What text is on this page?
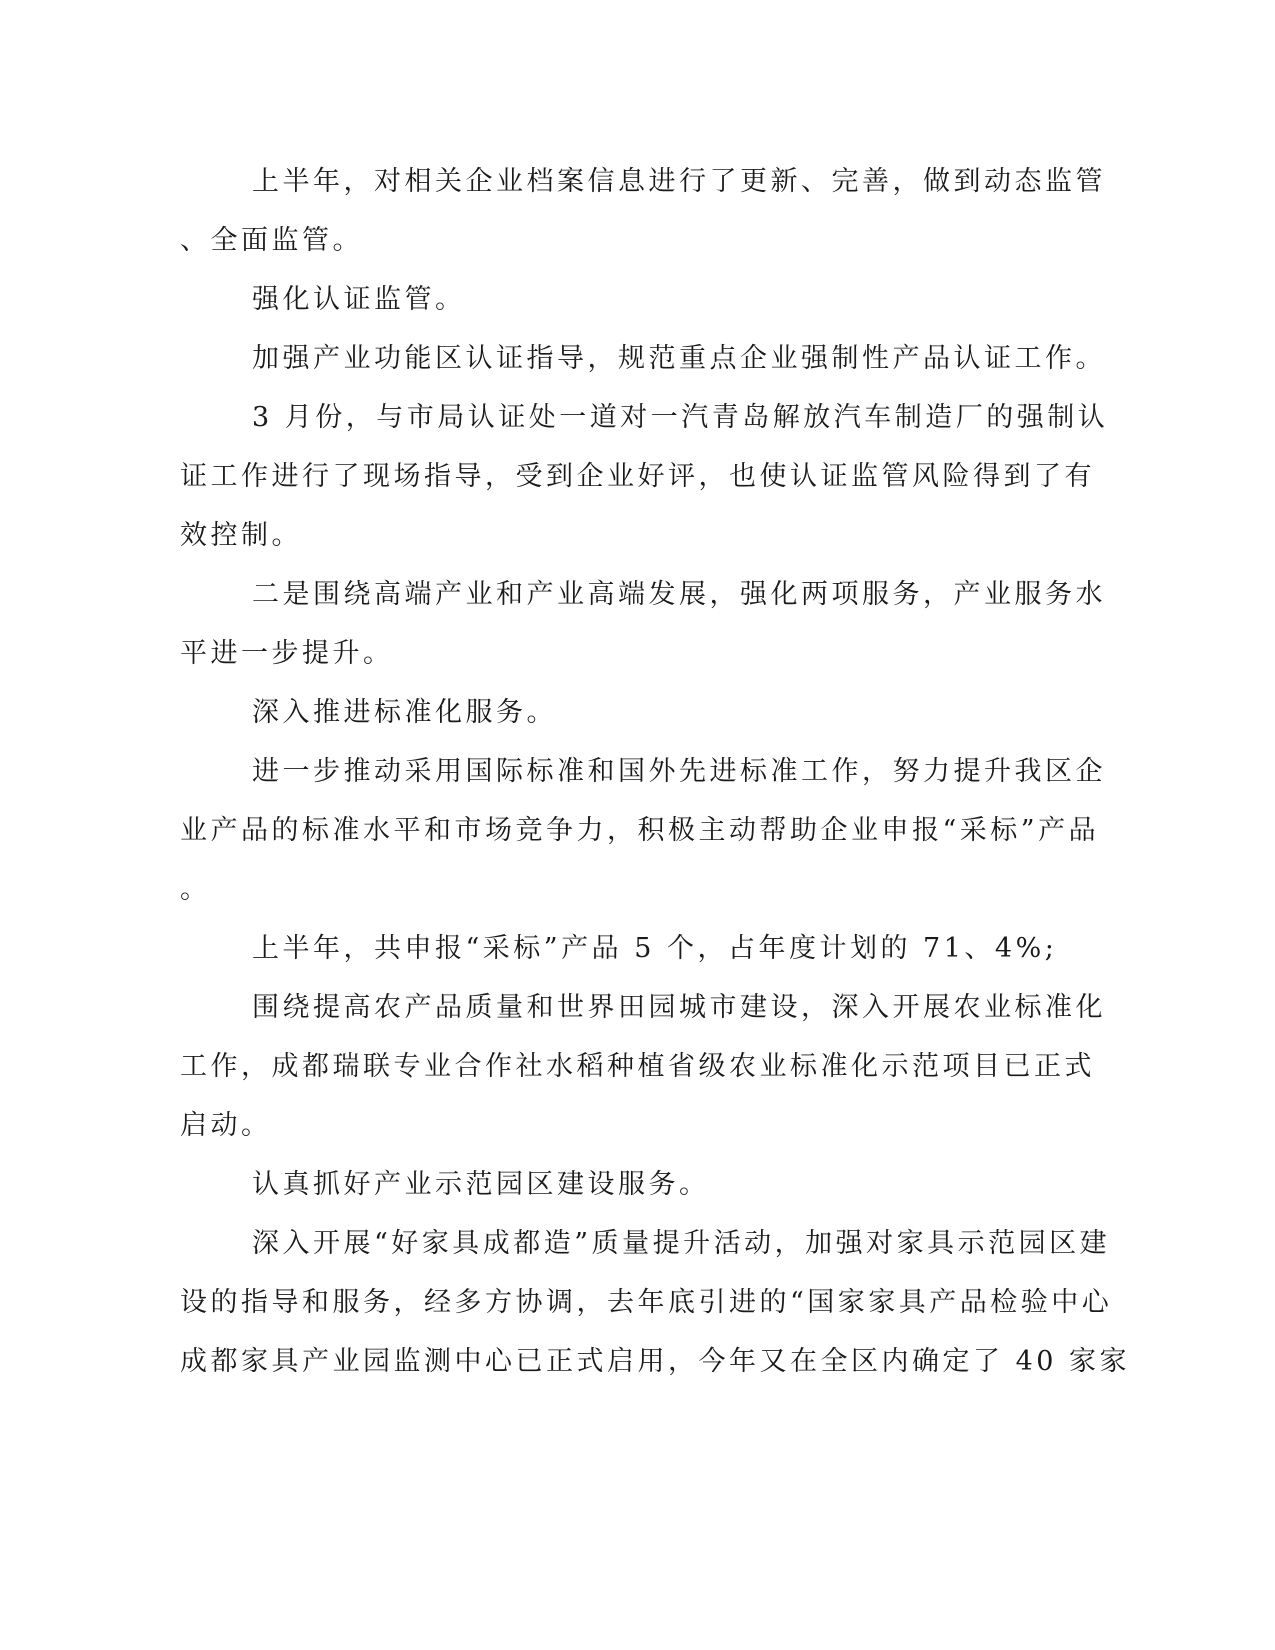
上半年，对相关企业档案信息进行了更新、完善，做到动态监管
、全面监管。
强化认证监管。
加强产业功能区认证指导，规范重点企业强制性产品认证工作。
3 月份，与市局认证处一道对一汽青岛解放汽车制造厂的强制认
证工作进行了现场指导，受到企业好评，也使认证监管风险得到了有
效控制。
二是围绕高端产业和产业高端发展，强化两项服务，产业服务水
平进一步提升。
深入推进标准化服务。
进一步推动采用国际标准和国外先进标准工作，努力提升我区企
业产品的标准水平和市场竞争力，积极主动帮助企业申报“采标”产品
。
上半年，共申报“采标”产品 5 个，占年度计划的 71、4%;
围绕提高农产品质量和世界田园城市建设，深入开展农业标准化
工作，成都瑞联专业合作社水稻种植省级农业标准化示范项目已正式
启动。
认真抓好产业示范园区建设服务。
深入开展“好家具成都造”质量提升活动，加强对家具示范园区建
设的指导和服务，经多方协调，去年底引进的“国家家具产品检验中心
成都家具产业园监测中心已正式启用，今年又在全区内确定了 40 家家
